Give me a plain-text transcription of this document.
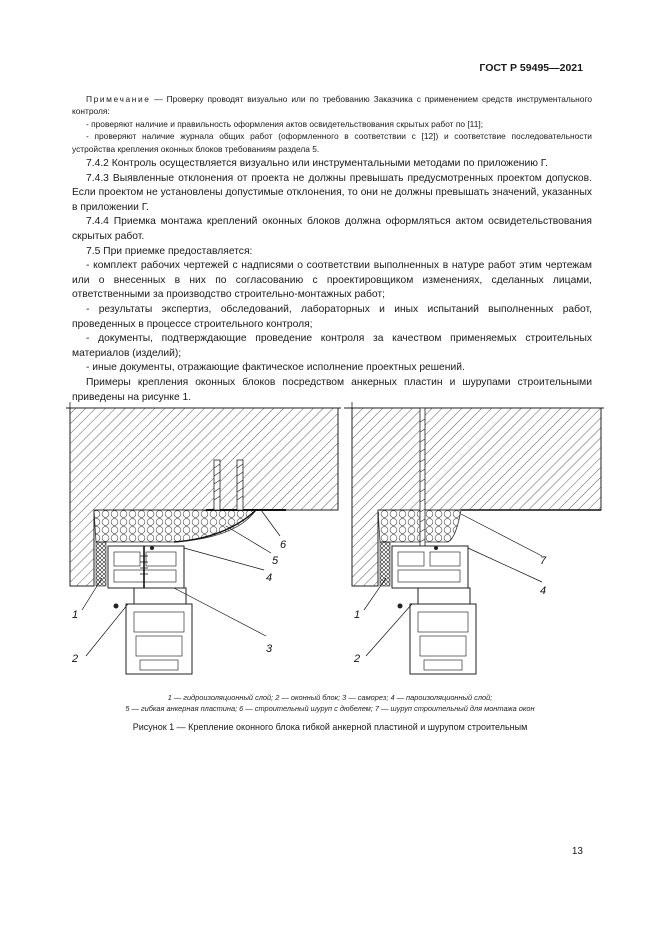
ГОСТ Р 59495—2021

Примечание — Проверку проводят визуально или по требованию Заказчика с применением средств инструментального контроля:

- проверяют наличие и правильность оформления актов освидетельствования скрытых работ по [11];

- проверяют наличие журнала общих работ (оформленного в соответствии с [12]) и соответствие последовательности устройства крепления оконных блоков требованиям раздела 5.

7.4.2 Контроль осуществляется визуально или инструментальными методами по приложению Г.

7.4.3 Выявленные отклонения от проекта не должны превышать предусмотренных проектом допусков. Если проектом не установлены допустимые отклонения, то они не должны превышать значений, указанных в приложении Г.

7.4.4 Приемка монтажа креплений оконных блоков должна оформляться актом освидетельствования скрытых работ.

7.5 При приемке предоставляется:

- комплект рабочих чертежей с надписями о соответствии выполненных в натуре работ этим чертежам или о внесенных в них по согласованию с проектировщиком изменениях, сделанных лицами, ответственными за производство строительно-монтажных работ;

- результаты экспертиз, обследований, лабораторных и иных испытаний выполненных работ, проведенных в процессе строительного контроля;

- документы, подтверждающие проведение контроля за качеством применяемых строительных материалов (изделий);

- иные документы, отражающие фактическое исполнение проектных решений.

Примеры крепления оконных блоков посредством анкерных пластин и шурупами строительными приведены на рисунке 1.

6
5
4
3
1
2
7
4
1
2
1 — гидроизоляционный слой; 2 — оконный блок; 3 — саморез; 4 — пароизоляционный слой;
5 — гибкая анкерная пластина; 6 — строительный шуруп с дюбелем; 7 — шуруп строительный для монтажа окон
Рисунок 1 — Крепление оконного блока гибкой анкерной пластиной и шурупом строительным
13
